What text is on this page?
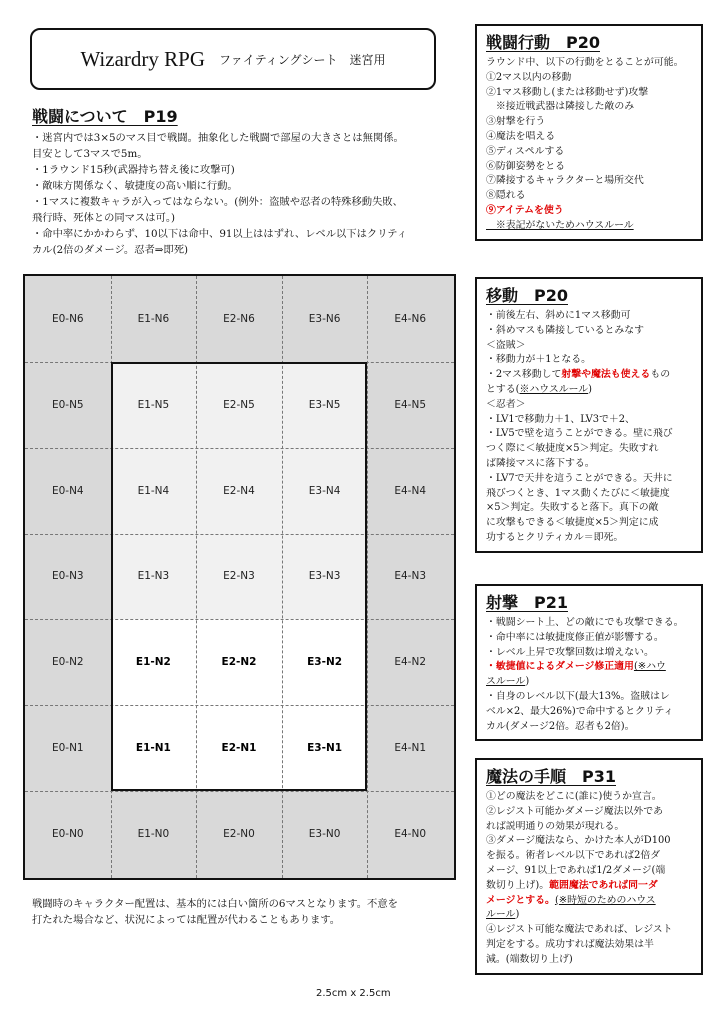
Wizardry RPG ファイティングシート　迷宮用
戦闘について　P19

・迷宮内では3×5のマス目で戦闘。抽象化した戦闘で部屋の大きさとは無関係。

目安として3マスで5m。

・1ラウンド15秒(武器持ち替え後に攻撃可)

・敵味方関係なく、敏捷度の高い順に行動。

・1マスに複数キャラが入ってはならない。(例外：盗賊や忍者の特殊移動失敗、

飛行時、死体との同マスは可。)

・命中率にかかわらず、10以下は命中、91以上ははずれ、レベル以下はクリティ

カル(2倍のダメージ。忍者⇒即死)

E0-N6	E1-N6	E2-N6	E3-N6	E4-N6
E0-N5	E1-N5	E2-N5	E3-N5	E4-N5
E0-N4	E1-N4	E2-N4	E3-N4	E4-N4
E0-N3	E1-N3	E2-N3	E3-N3	E4-N3
E0-N2	E1-N2	E2-N2	E3-N2	E4-N2
E0-N1	E1-N1	E2-N1	E3-N1	E4-N1
E0-N0	E1-N0	E2-N0	E3-N0	E4-N0
戦闘時のキャラクター配置は、基本的には白い箇所の6マスとなります。不意を
打たれた場合など、状況によっては配置が代わることもあります。
2.5cm x 2.5cm
戦闘行動　P20

ラウンド中、以下の行動をとることが可能。

①2マス以内の移動

②1マス移動し(または移動せず)攻撃

　※接近戦武器は隣接した敵のみ

③射撃を行う

④魔法を唱える

⑤ディスペルする

⑥防御姿勢をとる

⑦隣接するキャラクターと場所交代

⑧隠れる

⑨アイテムを使う

　※表記がないためハウスルール

移動　P20

・前後左右、斜めに1マス移動可

・斜めマスも隣接しているとみなす

＜盗賊＞

・移動力が＋1となる。

・2マス移動して射撃や魔法も使えるもの

とする(※ハウスルール)

＜忍者＞

・LV1で移動力＋1、LV3で＋2、

・LV5で壁を這うことができる。壁に飛び

つく際に＜敏捷度×5＞判定。失敗すれ

ば隣接マスに落下する。

・LV7で天井を這うことができる。天井に

飛びつくとき、1マス動くたびに＜敏捷度

×5＞判定。失敗すると落下。真下の敵

に攻撃もできる＜敏捷度×5＞判定に成

功するとクリティカル＝即死。

射撃　P21

・戦闘シート上、どの敵にでも攻撃できる。

・命中率には敏捷度修正値が影響する。

・レベル上昇で攻撃回数は増えない。

・敏捷値によるダメージ修正適用(※ハウ

スルール)

・自身のレベル以下(最大13%。盗賊はレ

ベル×2、最大26%)で命中するとクリティ

カル(ダメージ2倍。忍者も2倍)。

魔法の手順　P31

①どの魔法をどこに(誰に)使うか宣言。

②レジスト可能かダメージ魔法以外であ

れば説明通りの効果が現れる。

③ダメージ魔法なら、かけた本人がD100

を振る。術者レベル以下であれば2倍ダ

メージ、91以上であれば1/2ダメージ(端

数切り上げ)。範囲魔法であれば同一ダ

メージとする。(※時短のためのハウス

ルール)

④レジスト可能な魔法であれば、レジスト

判定をする。成功すれば魔法効果は半

減。(端数切り上げ)
